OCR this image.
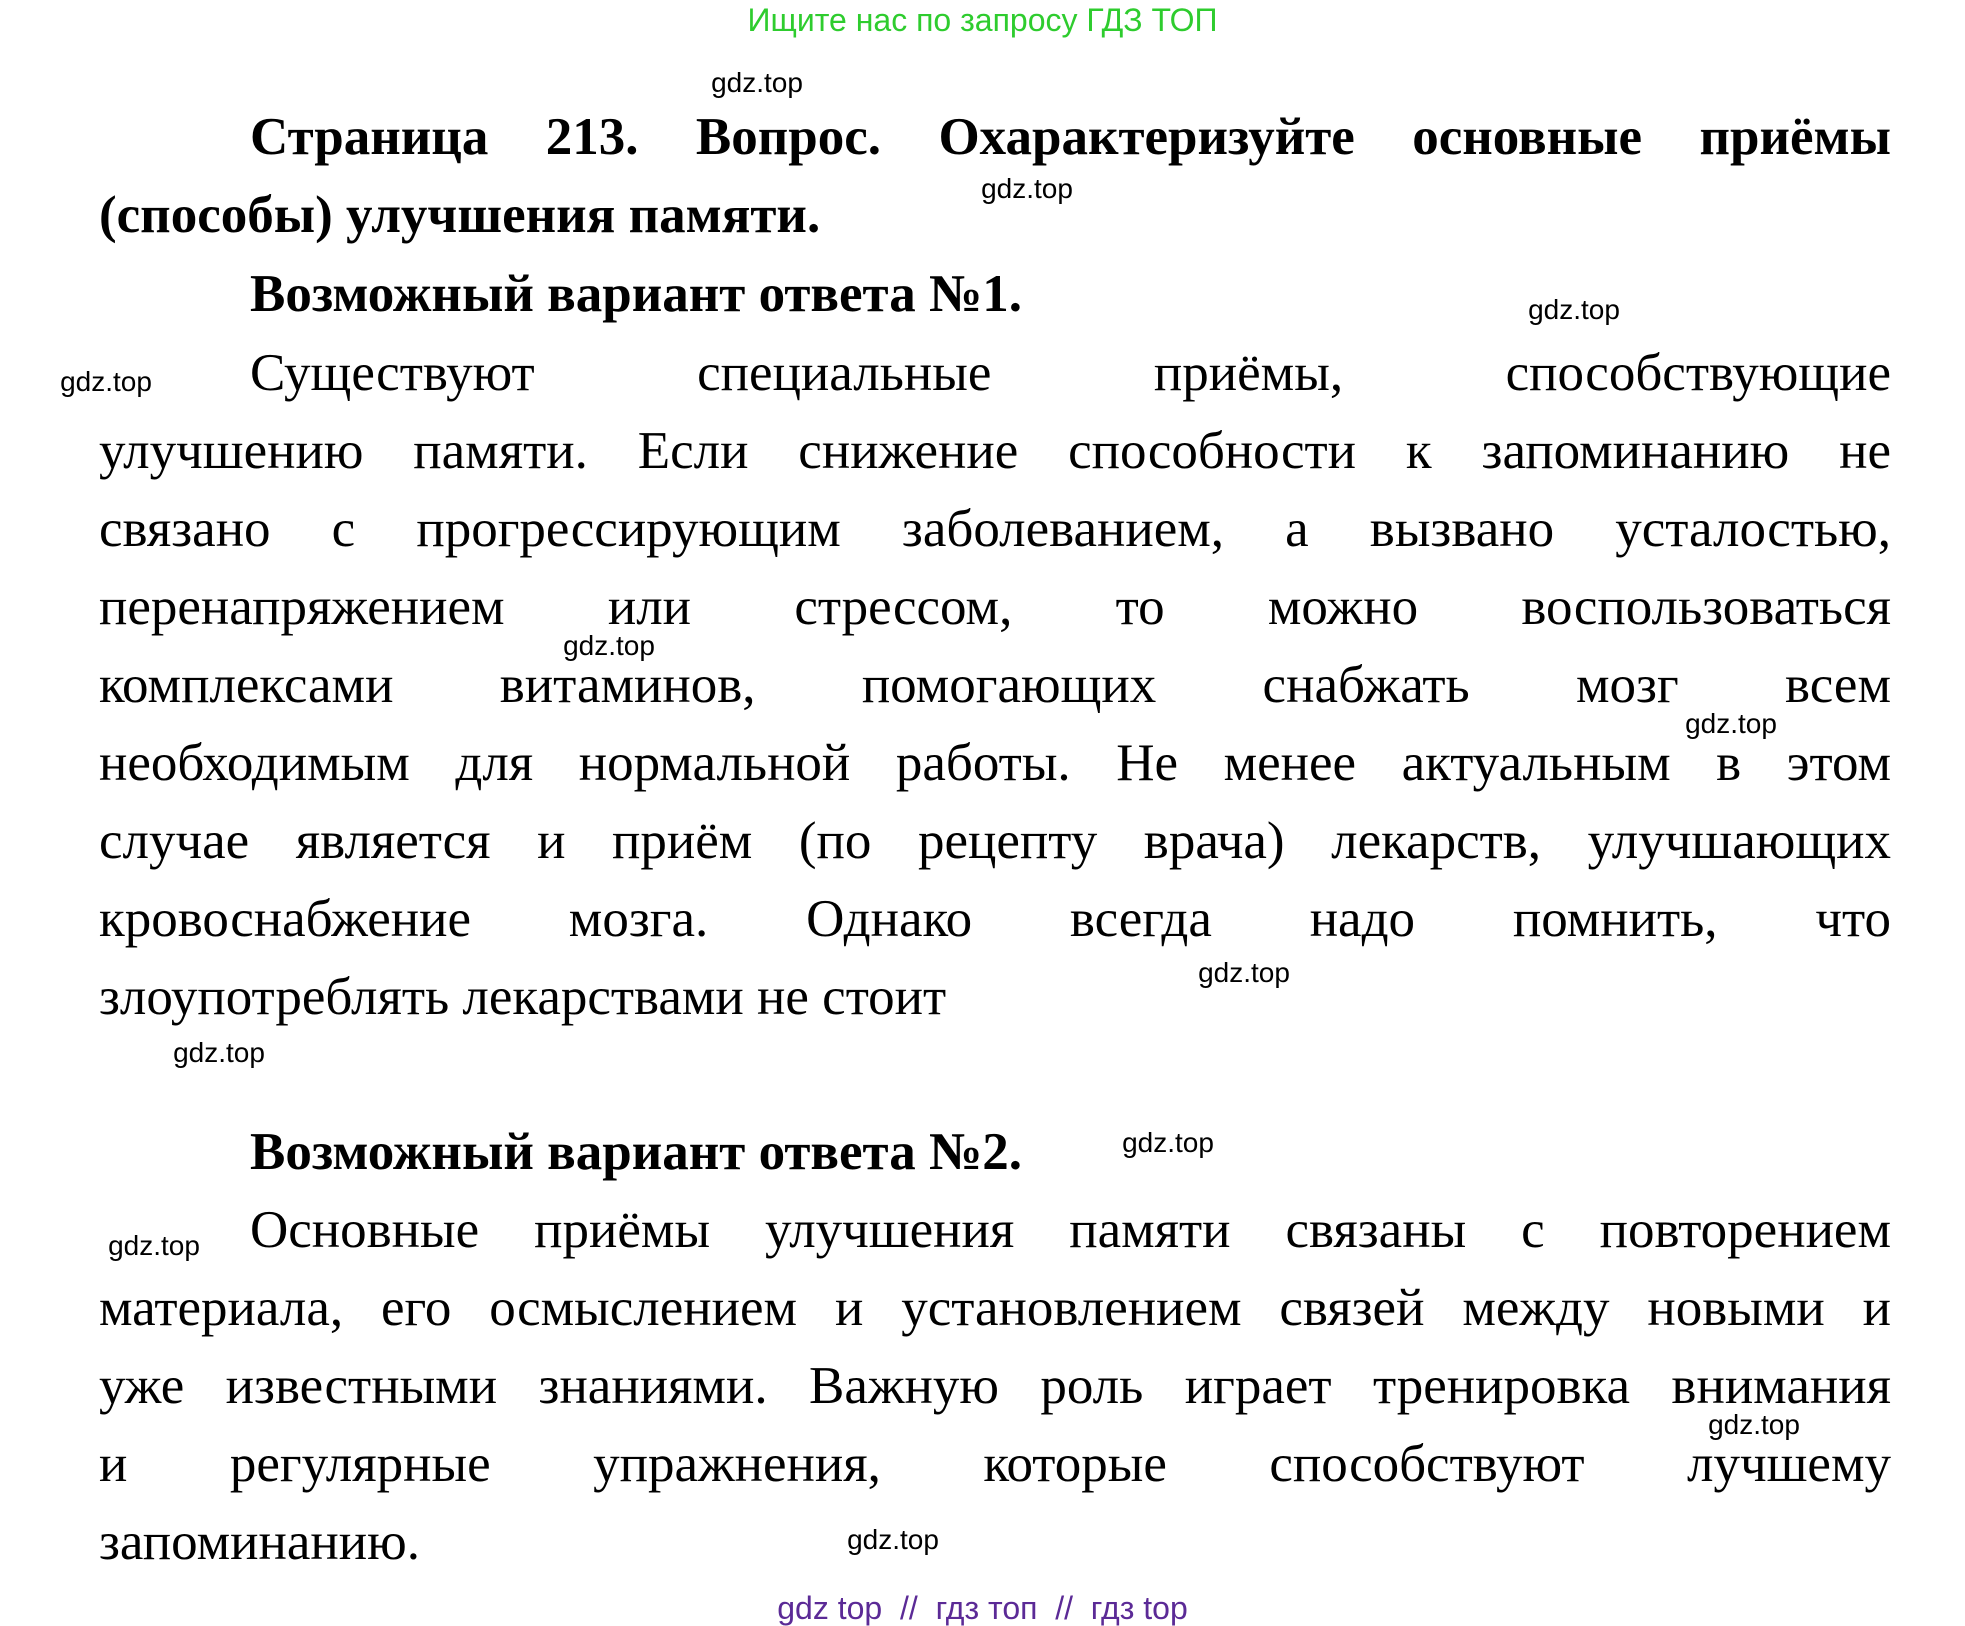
Ищите нас по запросу ГДЗ ТОП
Страница 213. Вопрос. Охарактеризуйте основные приёмы
(способы) улучшения памяти.
Возможный вариант ответа №1.
Существуют специальные приёмы, способствующие
улучшению памяти. Если снижение способности к запоминанию не
связано с прогрессирующим заболеванием, а вызвано усталостью,
перенапряжением или стрессом, то можно воспользоваться
комплексами витаминов, помогающих снабжать мозг всем
необходимым для нормальной работы. Не менее актуальным в этом
случае является и приём (по рецепту врача) лекарств, улучшающих
кровоснабжение мозга. Однако всегда надо помнить, что
злоупотреблять лекарствами не стоит
Возможный вариант ответа №2.
Основные приёмы улучшения памяти связаны с повторением
материала, его осмыслением и установлением связей между новыми и
уже известными знаниями. Важную роль играет тренировка внимания
и регулярные упражнения, которые способствуют лучшему
запоминанию.
gdz.top
gdz.top
gdz.top
gdz.top
gdz.top
gdz.top
gdz.top
gdz.top
gdz.top
gdz.top
gdz.top
gdz.top
gdz top  //  гдз топ  //  гдз top
